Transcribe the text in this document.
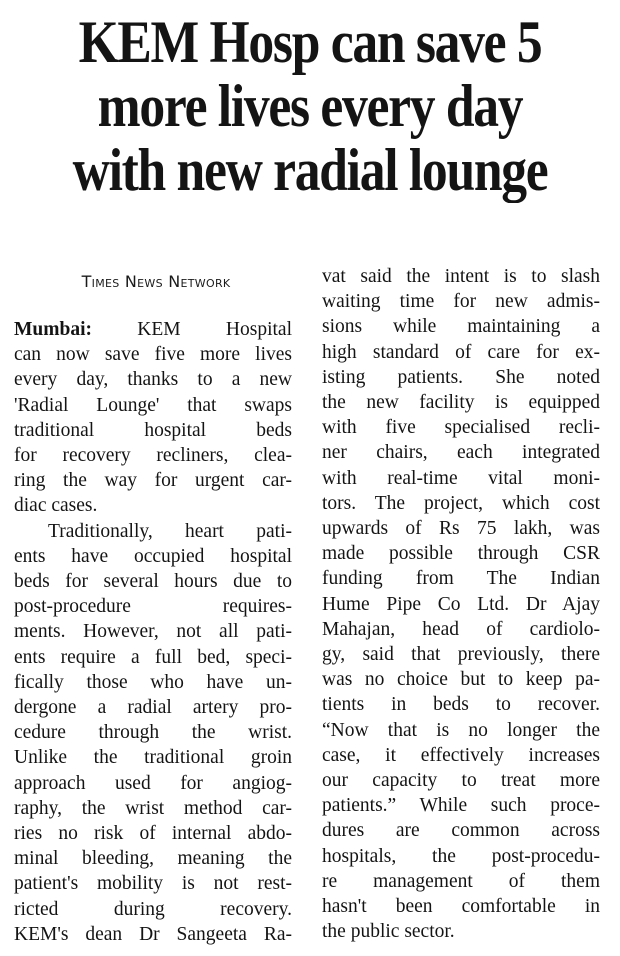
KEM Hosp can save 5
more lives every day
with new radial lounge
Times News Network
Mumbai: KEM Hospital
can now save five more lives
every day, thanks to a new
'Radial Lounge' that swaps
traditional hospital beds
for recovery recliners, clea-
ring the way for urgent car-
diac cases.
Traditionally, heart pati-
ents have occupied hospital
beds for several hours due to
post-procedure requires-
ments. However, not all pati-
ents require a full bed, speci-
fically those who have un-
dergone a radial artery pro-
cedure through the wrist.
Unlike the traditional groin
approach used for angiog-
raphy, the wrist method car-
ries no risk of internal abdo-
minal bleeding, meaning the
patient's mobility is not rest-
ricted during recovery.
KEM's dean Dr Sangeeta Ra-
vat said the intent is to slash
waiting time for new admis-
sions while maintaining a
high standard of care for ex-
isting patients. She noted
the new facility is equipped
with five specialised recli-
ner chairs, each integrated
with real-time vital moni-
tors. The project, which cost
upwards of Rs 75 lakh, was
made possible through CSR
funding from The Indian
Hume Pipe Co Ltd. Dr Ajay
Mahajan, head of cardiolo-
gy, said that previously, there
was no choice but to keep pa-
tients in beds to recover.
“Now that is no longer the
case, it effectively increases
our capacity to treat more
patients.” While such proce-
dures are common across
hospitals, the post-procedu-
re management of them
hasn't been comfortable in
the public sector.
